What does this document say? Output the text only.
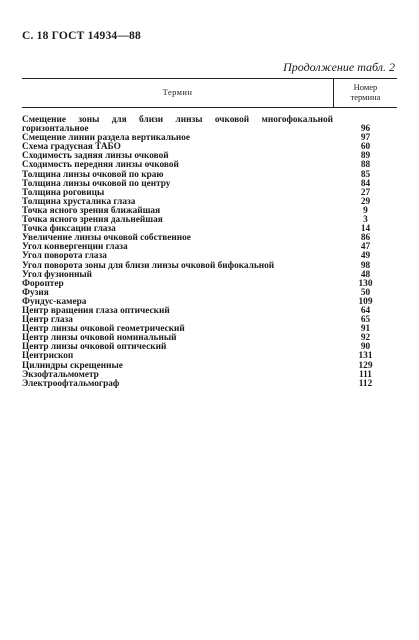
С. 18 ГОСТ 14934—88
Продолжение табл. 2
Термин	Номер
термина
Смещение зоны для близи линзы очковой многофокальной горизонтальное	96
Смещение линии раздела вертикальное	97
Схема градусная ТАБО	60
Сходимость задняя линзы очковой	89
Сходимость передняя линзы очковой	88
Толщина линзы очковой по краю	85
Толщина линзы очковой по центру	84
Толщина роговицы	27
Толщина хрусталика глаза	29
Точка ясного зрения ближайшая	9
Точка ясного зрения дальнейшая	3
Точка фиксации глаза	14
Увеличение линзы очковой собственное	86
Угол конвергенции глаза	47
Угол поворота глаза	49
Угол поворота зоны для близи линзы очковой бифокальной	98
Угол фузионный	48
Форoптер	130
Фузия	50
Фундус-камера	109
Центр вращения глаза оптический	64
Центр глаза	65
Центр линзы очковой геометрический	91
Центр линзы очковой номинальный	92
Центр линзы очковой оптический	90
Центрископ	131
Цилиндры скрещенные	129
Экзофтальмометр	111
Электроофтальмограф	112
